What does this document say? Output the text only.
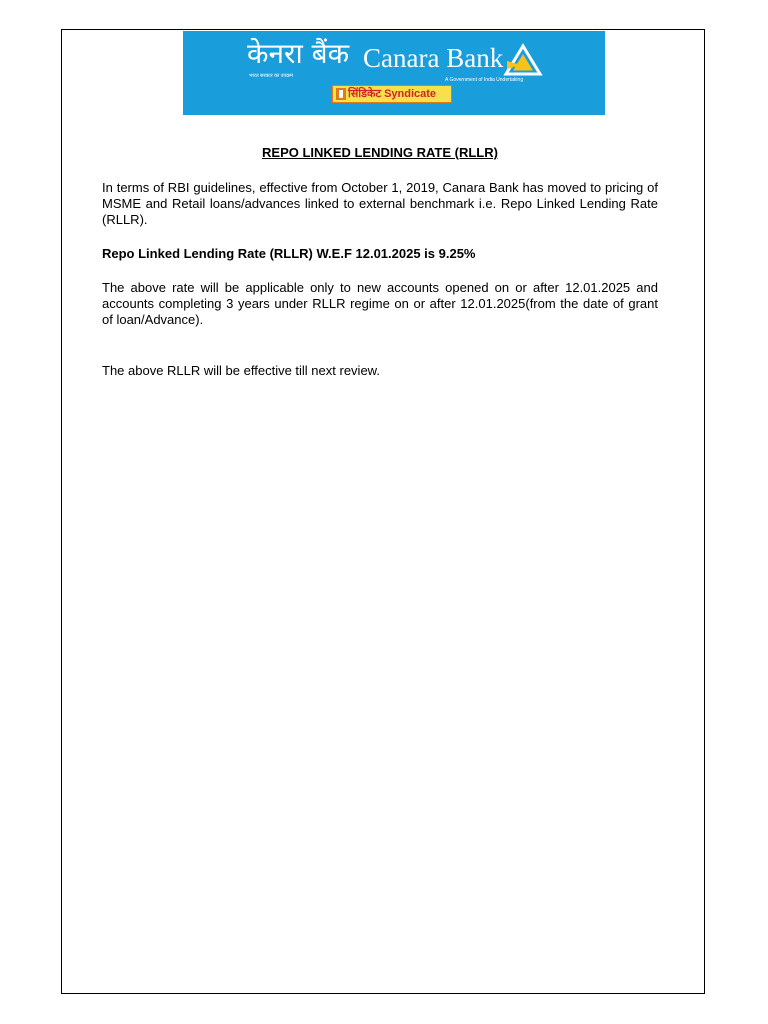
केनरा बैंक
भारत सरकार का उपक्रम
Canara Bank
A Government of India Undertaking
सिंडिकेट Syndicate
REPO LINKED LENDING RATE (RLLR)

In terms of RBI guidelines, effective from October 1, 2019, Canara Bank has moved to pricing of MSME and Retail loans/advances linked to external benchmark i.e. Repo Linked Lending Rate (RLLR).

Repo Linked Lending Rate (RLLR) W.E.F 12.01.2025 is 9.25%

The above rate will be applicable only to new accounts opened on or after 12.01.2025 and accounts completing 3 years under RLLR regime on or after 12.01.2025(from the date of grant of loan/Advance).

The above RLLR will be effective till next review.
